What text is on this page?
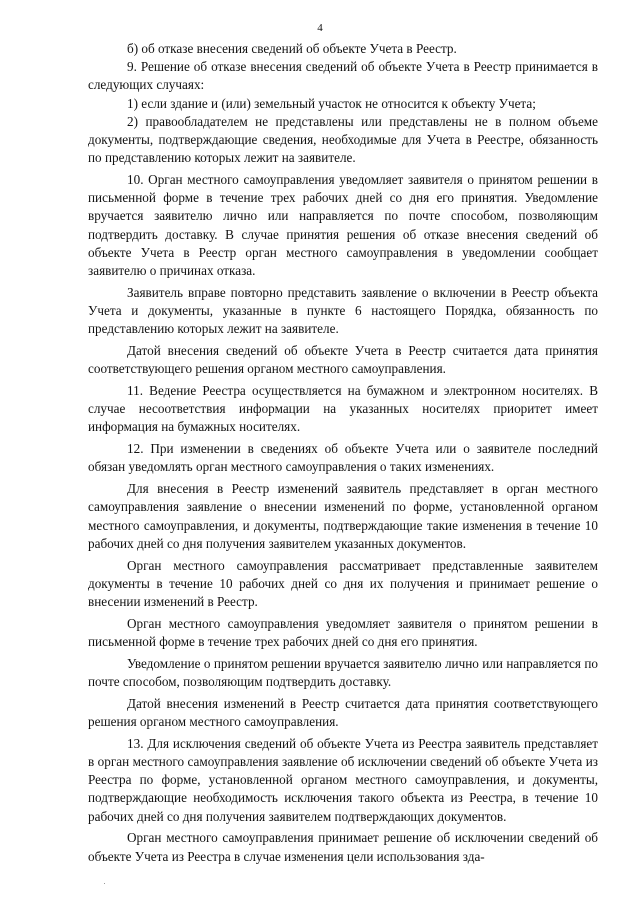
4

б) об отказе внесения сведений об объекте Учета в Реестр.

9. Решение об отказе внесения сведений об объекте Учета в Реестр принимается в следующих случаях:

1) если здание и (или) земельный участок не относится к объекту Учета;

2) правообладателем не представлены или представлены не в полном объеме документы, подтверждающие сведения, необходимые для Учета в Реестре, обязанность по представлению которых лежит на заявителе.

10. Орган местного самоуправления уведомляет заявителя о принятом решении в письменной форме в течение трех рабочих дней со дня его принятия. Уведомление вручается заявителю лично или направляется по почте способом, позволяющим подтвердить доставку. В случае принятия решения об отказе внесения сведений об объекте Учета в Реестр орган местного самоуправления в уведомлении сообщает заявителю о причинах отказа.

Заявитель вправе повторно представить заявление о включении в Реестр объекта Учета и документы, указанные в пункте 6 настоящего Порядка, обязанность по представлению которых лежит на заявителе.

Датой внесения сведений об объекте Учета в Реестр считается дата принятия соответствующего решения органом местного самоуправления.

11. Ведение Реестра осуществляется на бумажном и электронном носителях. В случае несоответствия информации на указанных носителях приоритет имеет информация на бумажных носителях.

12. При изменении в сведениях об объекте Учета или о заявителе последний обязан уведомлять орган местного самоуправления о таких изменениях.

Для внесения в Реестр изменений заявитель представляет в орган местного самоуправления заявление о внесении изменений по форме, установленной органом местного самоуправления, и документы, подтверждающие такие изменения в течение 10 рабочих дней со дня получения заявителем указанных документов.

Орган местного самоуправления рассматривает представленные заявителем документы в течение 10 рабочих дней со дня их получения и принимает решение о внесении изменений в Реестр.

Орган местного самоуправления уведомляет заявителя о принятом решении в письменной форме в течение трех рабочих дней со дня его принятия.

Уведомление о принятом решении вручается заявителю лично или направляется по почте способом, позволяющим подтвердить доставку.

Датой внесения изменений в Реестр считается дата принятия соответствующего решения органом местного самоуправления.

13. Для исключения сведений об объекте Учета из Реестра заявитель представляет в орган местного самоуправления заявление об исключении сведений об объекте Учета из Реестра по форме, установленной органом местного самоуправления, и документы, подтверждающие необходимость исключения такого объекта из Реестра, в течение 10 рабочих дней со дня получения заявителем подтверждающих документов.

Орган местного самоуправления принимает решение об исключении сведений об объекте Учета из Реестра в случае изменения цели использования зда-
